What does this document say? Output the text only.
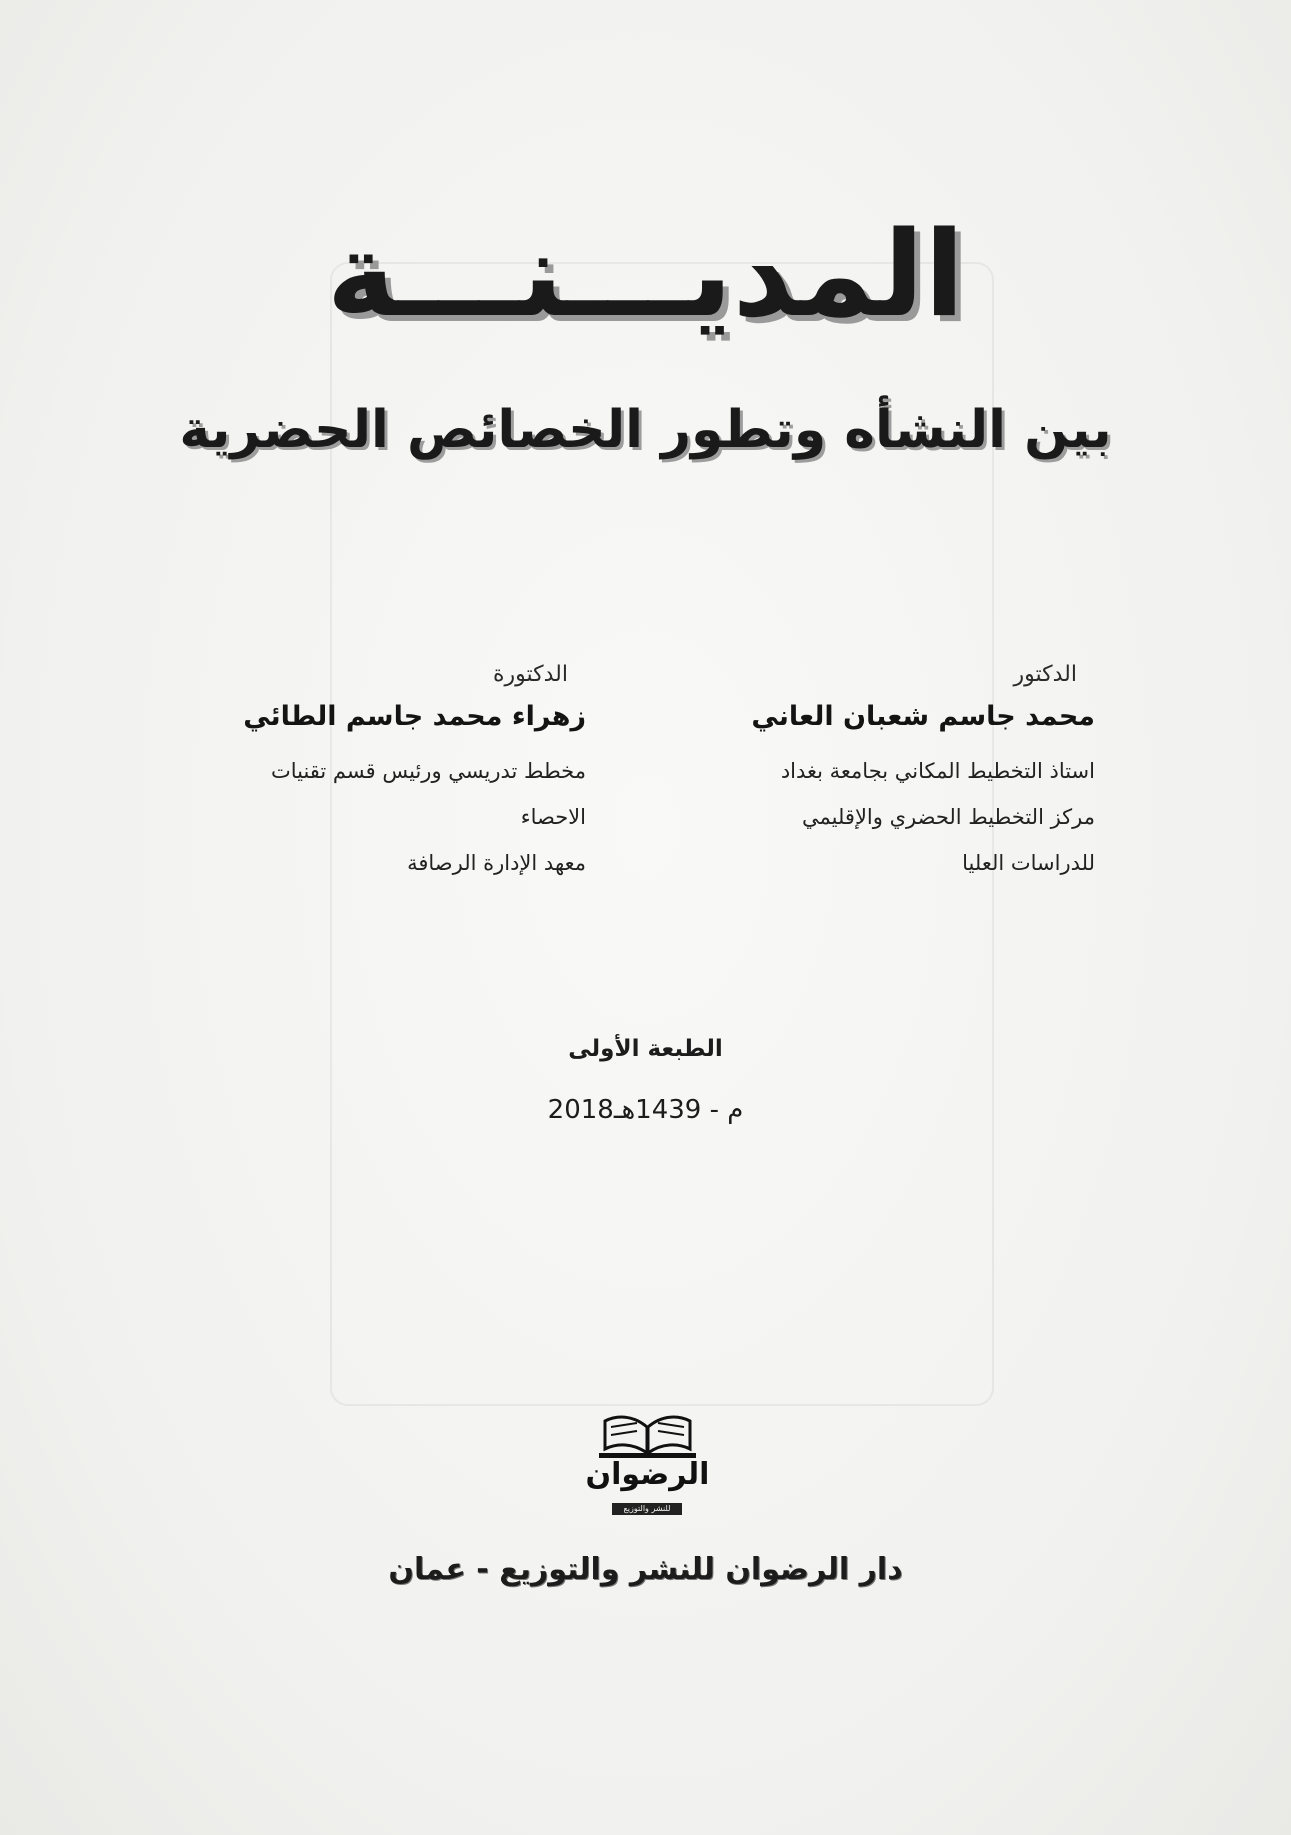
المديـــنـــة
بين النشأه وتطور الخصائص الحضرية
الدكتور
محمد جاسم شعبان العاني
استاذ التخطيط المكاني بجامعة بغداد
مركز التخطيط الحضري والإقليمي
للدراسات العليا
الدكتورة
زهراء محمد جاسم الطائي
مخطط تدريسي ورئيس قسم تقنيات
الاحصاء
معهد الإدارة الرصافة
الطبعة الأولى
2018م - 1439هـ
الرضوان
للنشر والتوزيع
دار الرضوان للنشر والتوزيع - عمان
